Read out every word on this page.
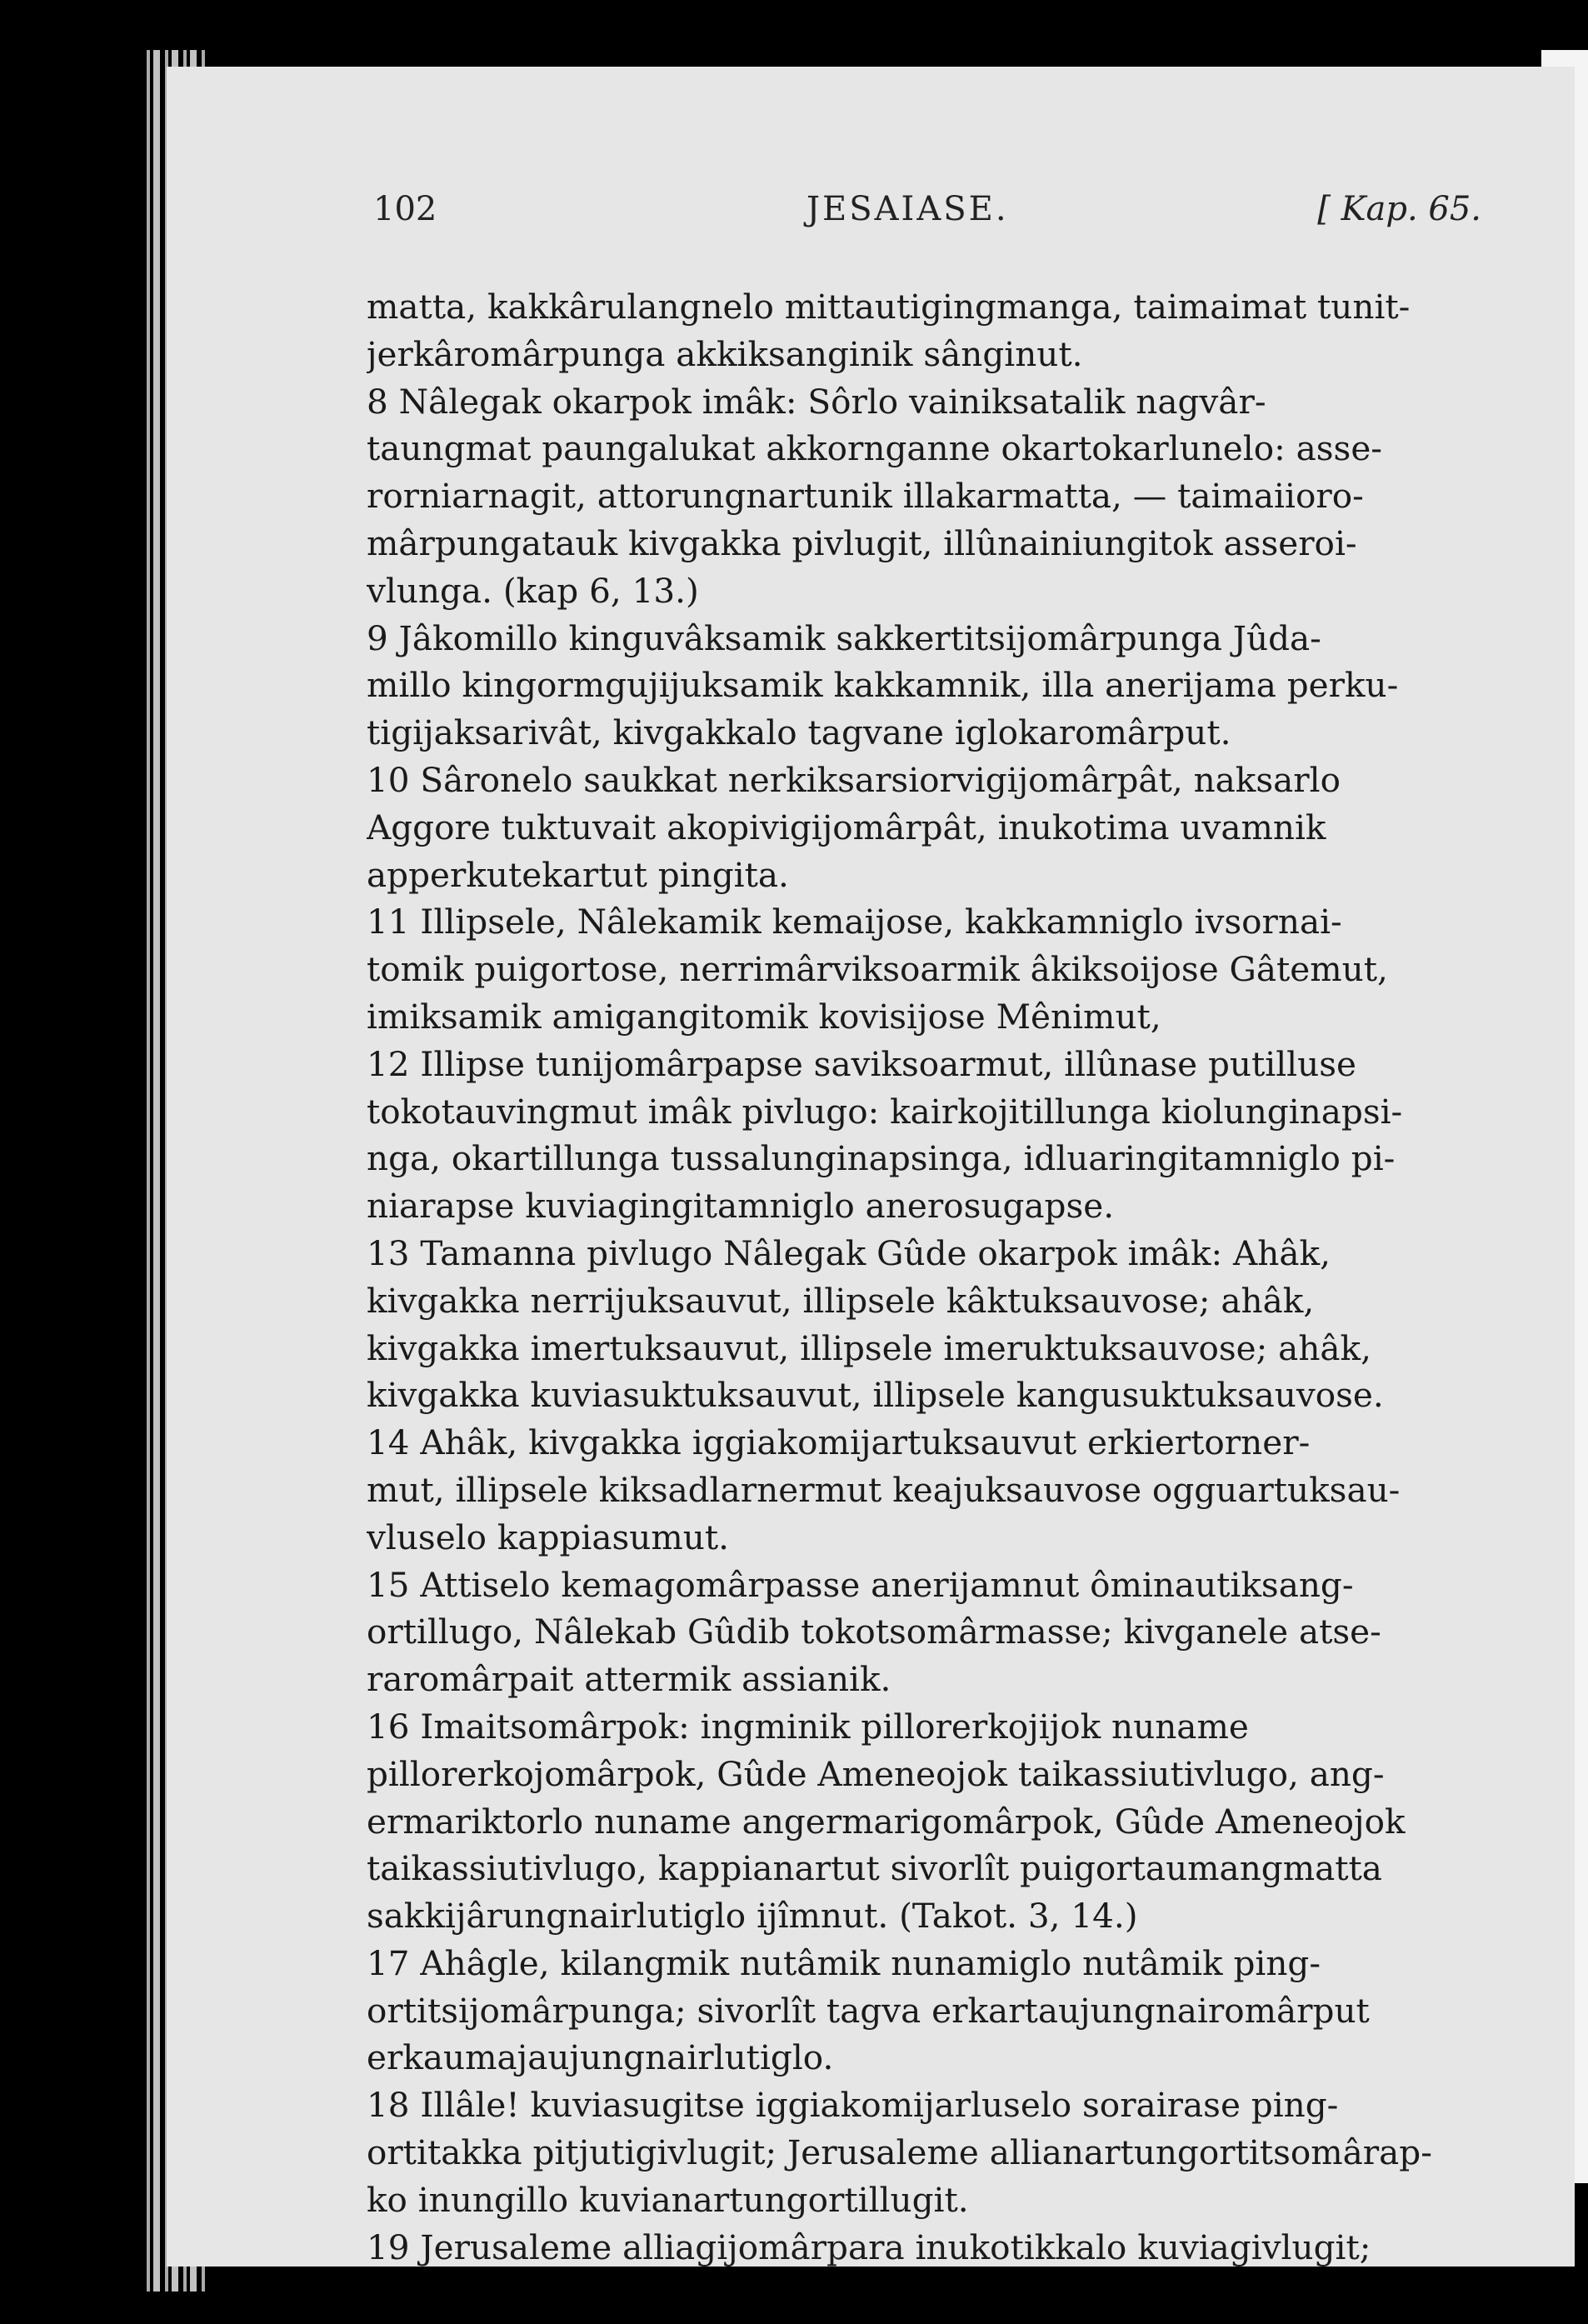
102	JESAIASE.	[ Kap. 65.
matta, kakkârulangnelo mittautigingmanga, taimaimat tunit-
jerkâromârpunga akkiksanginik sânginut.
8 Nâlegak okarpok imâk: Sôrlo vainiksatalik nagvâr-
taungmat paungalukat akkornganne okartokarlunelo: asse-
rorniarnagit, attorungnartunik illakarmatta, — taimaiioro-
mârpungatauk kivgakka pivlugit, illûnainiungitok asseroi-
vlunga. (kap 6, 13.)
9 Jâkomillo kinguvâksamik sakkertitsijomârpunga Jûda-
millo kingormgujijuksamik kakkamnik, illa anerijama perku-
tigijaksarivât, kivgakkalo tagvane iglokaromârput.
10 Sâronelo saukkat nerkiksarsiorvigijomârpât, naksarlo
Aggore tuktuvait akopivigijomârpât, inukotima uvamnik
apperkutekartut pingita.
11 Illipsele, Nâlekamik kemaijose, kakkamniglo ivsornai-
tomik puigortose, nerrimârviksoarmik âkiksoijose Gâtemut,
imiksamik amigangitomik kovisijose Mênimut,
12 Illipse tunijomârpapse saviksoarmut, illûnase putilluse
tokotauvingmut imâk pivlugo: kairkojitillunga kiolunginapsi-
nga, okartillunga tussalunginapsinga, idluaringitamniglo pi-
niarapse kuviagingitamniglo anerosugapse.
13 Tamanna pivlugo Nâlegak Gûde okarpok imâk: Ahâk,
kivgakka nerrijuksauvut, illipsele kâktuksauvose; ahâk,
kivgakka imertuksauvut, illipsele imeruktuksauvose; ahâk,
kivgakka kuviasuktuksauvut, illipsele kangusuktuksauvose.
14 Ahâk, kivgakka iggiakomijartuksauvut erkiertorner-
mut, illipsele kiksadlarnermut keajuksauvose ogguartuksau-
vluselo kappiasumut.
15 Attiselo kemagomârpasse anerijamnut ôminautiksang-
ortillugo, Nâlekab Gûdib tokotsomârmasse; kivganele atse-
raromârpait attermik assianik.
16 Imaitsomârpok: ingminik pillorerkojijok nuname
pillorerkojomârpok, Gûde Ameneojok taikassiutivlugo, ang-
ermariktorlo nuname angermarigomârpok, Gûde Ameneojok
taikassiutivlugo, kappianartut sivorlît puigortaumangmatta
sakkijârungnairlutiglo ijîmnut. (Takot. 3, 14.)
17 Ahâgle, kilangmik nutâmik nunamiglo nutâmik ping-
ortitsijomârpunga; sivorlît tagva erkartaujungnairomârput
erkaumajaujungnairlutiglo.
18 Illâle! kuviasugitse iggiakomijarluselo sorairase ping-
ortitakka pitjutigivlugit; Jerusaleme allianartungortitsomârap-
ko inungillo kuvianartungortillugit.
19 Jerusaleme alliagijomârpara inukotikkalo kuviagivlugit;
